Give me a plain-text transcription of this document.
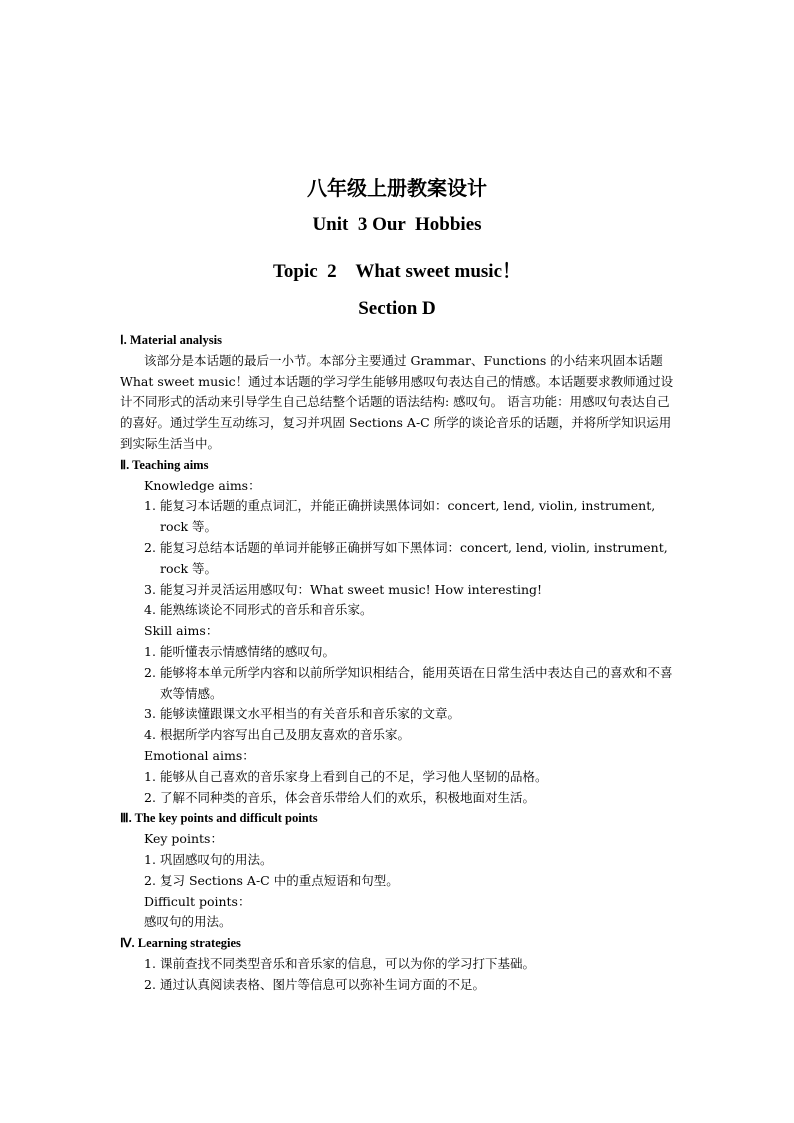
八年级上册教案设计
Unit  3 Our  Hobbies
Topic  2    What sweet music！
Section D
Ⅰ. Material analysis
该部分是本话题的最后一小节。本部分主要通过 Grammar、Functions 的小结来巩固本话题 What sweet music！通过本话题的学习学生能够用感叹句表达自己的情感。本话题要求教师通过设计不同形式的活动来引导学生自己总结整个话题的语法结构: 感叹句。 语言功能：用感叹句表达自己的喜好。通过学生互动练习，复习并巩固 Sections A-C 所学的谈论音乐的话题，并将所学知识运用到实际生活当中。
Ⅱ. Teaching aims
Knowledge aims：
1. 能复习本话题的重点词汇，并能正确拼读黑体词如：concert, lend, violin, instrument, rock 等。
2. 能复习总结本话题的单词并能够正确拼写如下黑体词：concert, lend, violin, instrument, rock 等。
3. 能复习并灵活运用感叹句：What sweet music! How interesting!
4. 能熟练谈论不同形式的音乐和音乐家。
Skill aims：
1. 能听懂表示情感情绪的感叹句。
2. 能够将本单元所学内容和以前所学知识相结合，能用英语在日常生活中表达自己的喜欢和不喜欢等情感。
3. 能够读懂跟课文水平相当的有关音乐和音乐家的文章。
4. 根据所学内容写出自己及朋友喜欢的音乐家。
Emotional aims：
1. 能够从自己喜欢的音乐家身上看到自己的不足，学习他人坚韧的品格。
2. 了解不同种类的音乐，体会音乐带给人们的欢乐，积极地面对生活。
Ⅲ. The key points and difficult points
Key points：
1. 巩固感叹句的用法。
2. 复习 Sections A-C 中的重点短语和句型。
Difficult points：
感叹句的用法。
Ⅳ. Learning strategies
1. 课前查找不同类型音乐和音乐家的信息，可以为你的学习打下基础。
2. 通过认真阅读表格、图片等信息可以弥补生词方面的不足。
